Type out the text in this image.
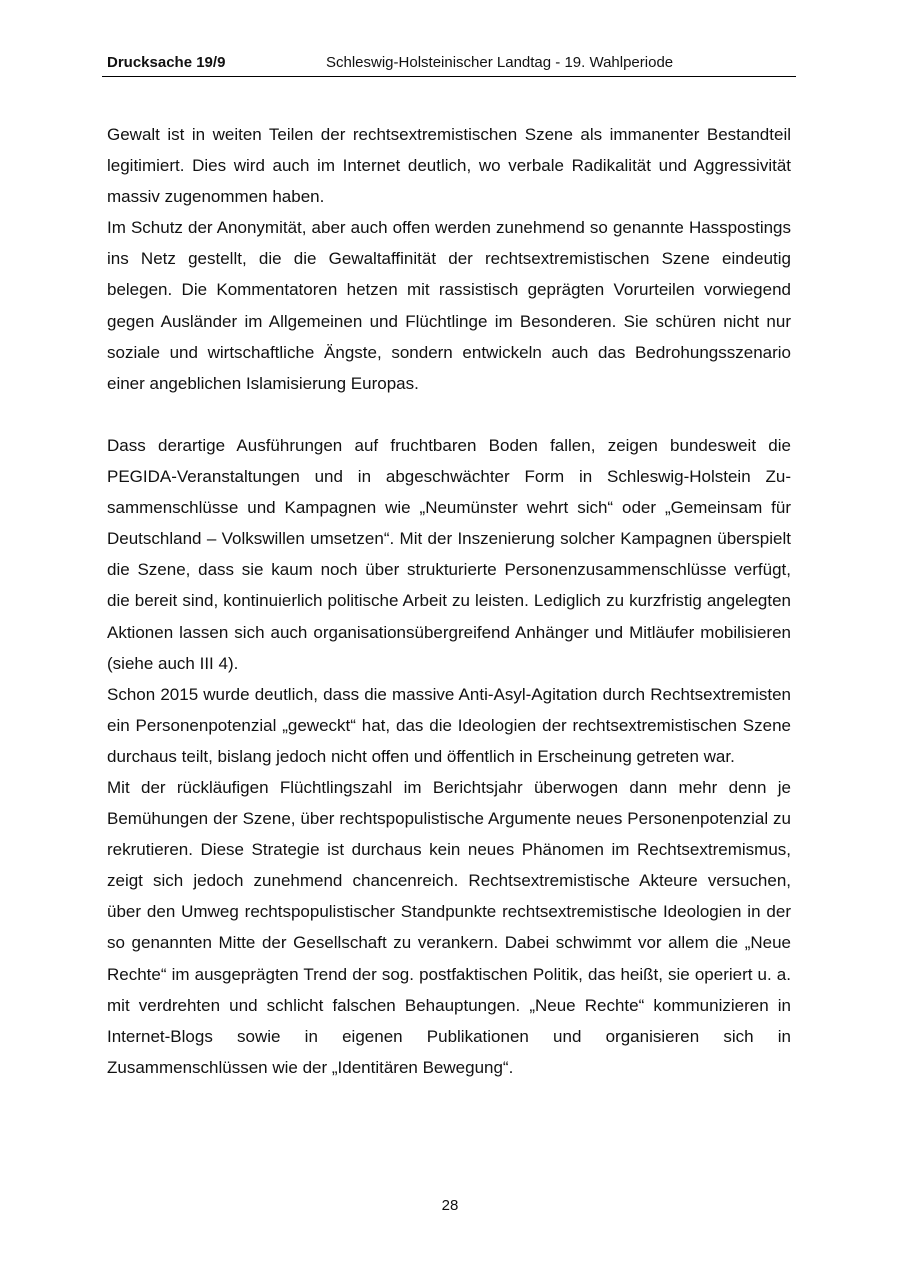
Drucksache 19/9	Schleswig-Holsteinischer Landtag - 19. Wahlperiode

Gewalt ist in weiten Teilen der rechtsextremistischen Szene als immanenter Bestandteil legitimiert. Dies wird auch im Internet deutlich, wo verbale Radikalität und Aggressivität massiv zugenommen haben.

Im Schutz der Anonymität, aber auch offen werden zunehmend so genannte Hasspostings ins Netz gestellt, die die Gewaltaffinität der rechtsextremistischen Szene eindeutig belegen. Die Kommentatoren hetzen mit rassistisch geprägten Vorurteilen vorwiegend gegen Ausländer im Allgemeinen und Flüchtlinge im Besonderen. Sie schüren nicht nur soziale und wirtschaftliche Ängste, sondern entwickeln auch das Bedrohungsszenario einer angeblichen Islamisierung Europas.

Dass derartige Ausführungen auf fruchtbaren Boden fallen, zeigen bundesweit die PEGIDA-Veranstaltungen und in abgeschwächter Form in Schleswig-Holstein Zusammenschlüsse und Kampagnen wie „Neumünster wehrt sich“ oder „Gemeinsam für Deutschland – Volkswillen umsetzen“. Mit der Inszenierung solcher Kampagnen überspielt die Szene, dass sie kaum noch über strukturierte Personenzusammenschlüsse verfügt, die bereit sind, kontinuierlich politische Arbeit zu leisten. Lediglich zu kurzfristig angelegten Aktionen lassen sich auch organisationsübergreifend Anhänger und Mitläufer mobilisieren (siehe auch III 4).

Schon 2015 wurde deutlich, dass die massive Anti-Asyl-Agitation durch Rechtsextremisten ein Personenpotenzial „geweckt“ hat, das die Ideologien der rechtsextremistischen Szene durchaus teilt, bislang jedoch nicht offen und öffentlich in Erscheinung getreten war.

Mit der rückläufigen Flüchtlingszahl im Berichtsjahr überwogen dann mehr denn je Bemühungen der Szene, über rechtspopulistische Argumente neues Personenpotenzial zu rekrutieren. Diese Strategie ist durchaus kein neues Phänomen im Rechtsextremismus, zeigt sich jedoch zunehmend chancenreich. Rechtsextremistische Akteure versuchen, über den Umweg rechtspopulistischer Standpunkte rechtsextremistische Ideologien in der so genannten Mitte der Gesellschaft zu verankern. Dabei schwimmt vor allem die „Neue Rechte“ im ausgeprägten Trend der sog. postfaktischen Politik, das heißt, sie operiert u. a. mit verdrehten und schlicht falschen Behauptungen. „Neue Rechte“ kommunizieren in Internet-Blogs sowie in eigenen Publikationen und organisieren sich in Zusammenschlüssen wie der „Identitären Bewegung“.

28
